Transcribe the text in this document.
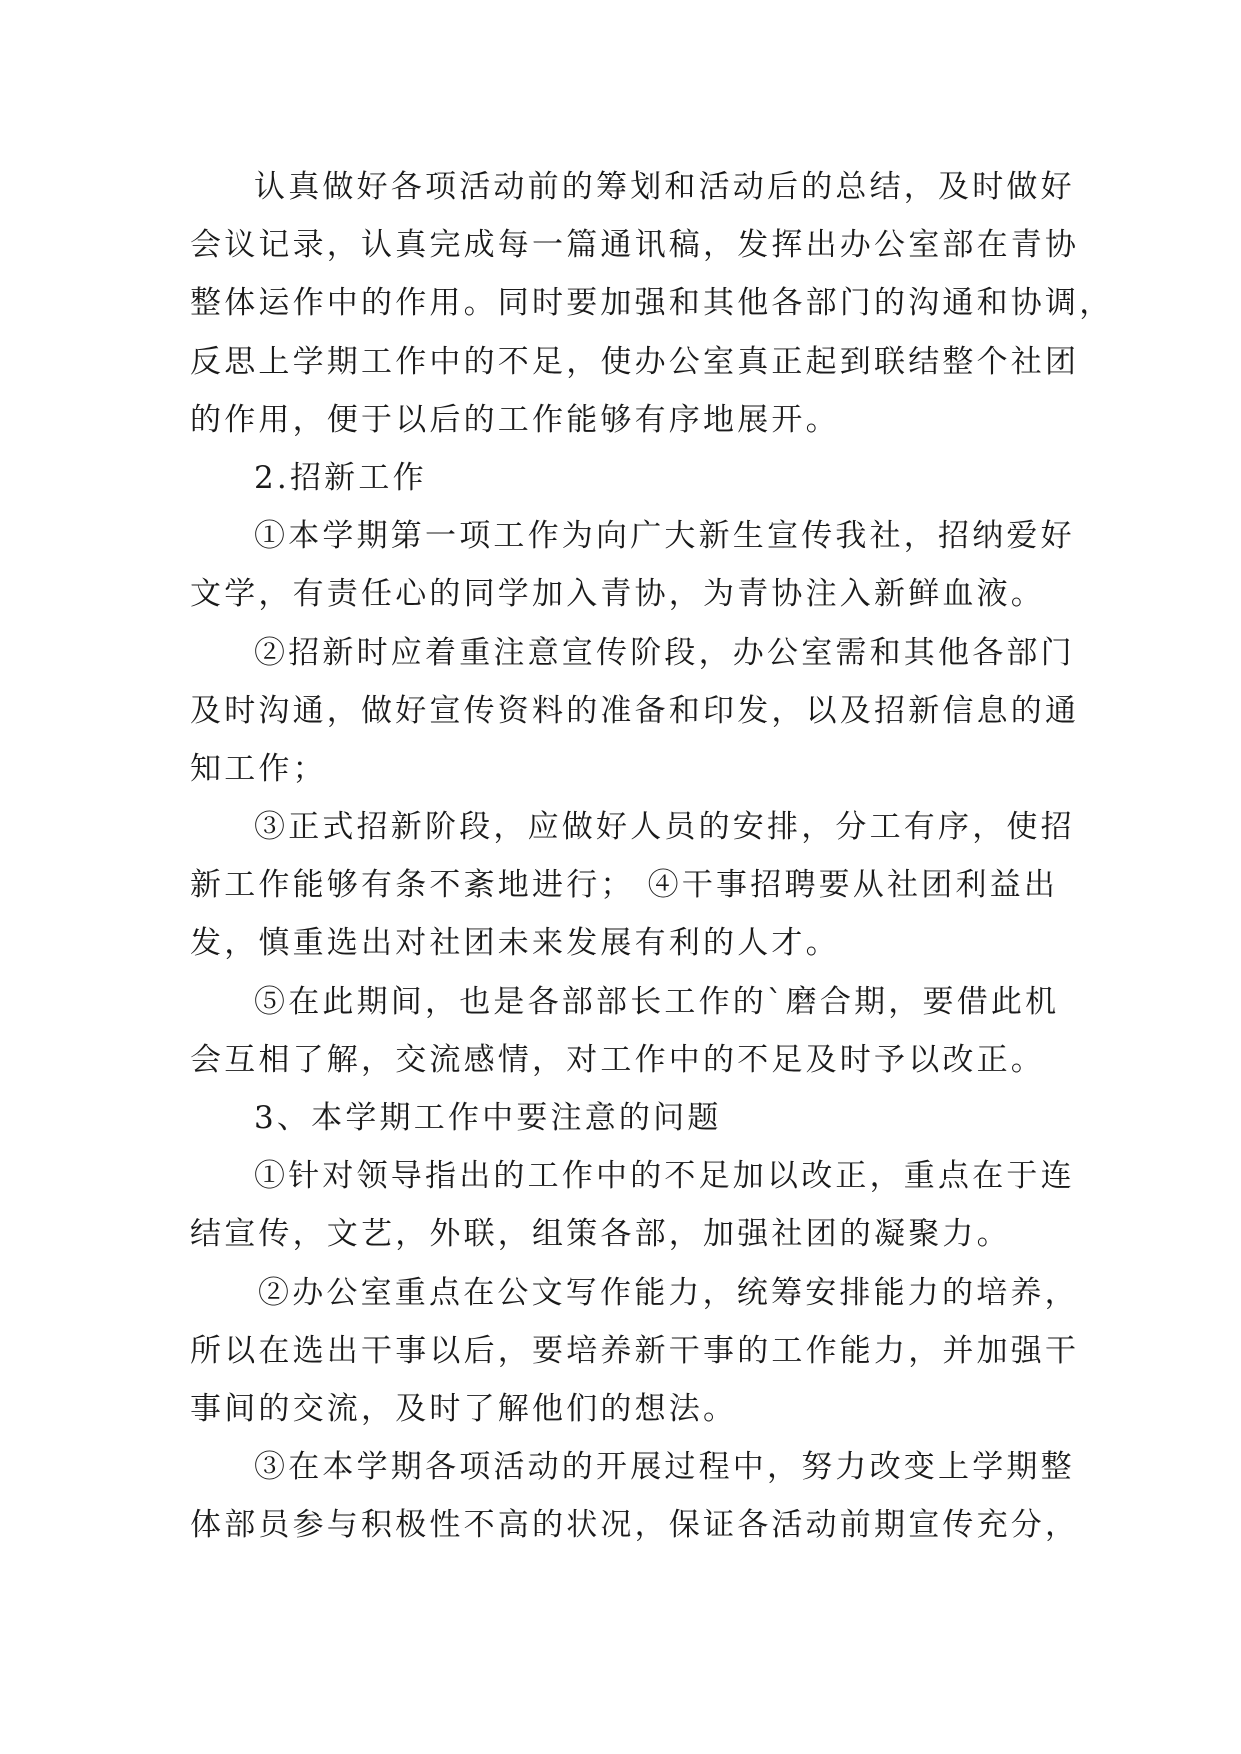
认真做好各项活动前的筹划和活动后的总结，及时做好
会议记录，认真完成每一篇通讯稿，发挥出办公室部在青协
整体运作中的作用。同时要加强和其他各部门的沟通和协调，
反思上学期工作中的不足，使办公室真正起到联结整个社团
的作用，便于以后的工作能够有序地展开。
2.招新工作
①本学期第一项工作为向广大新生宣传我社，招纳爱好
文学，有责任心的同学加入青协，为青协注入新鲜血液。
②招新时应着重注意宣传阶段，办公室需和其他各部门
及时沟通，做好宣传资料的准备和印发，以及招新信息的通
知工作；
③正式招新阶段，应做好人员的安排，分工有序，使招
新工作能够有条不紊地进行； ④干事招聘要从社团利益出
发，慎重选出对社团未来发展有利的人才。
⑤在此期间，也是各部部长工作的`磨合期，要借此机
会互相了解，交流感情，对工作中的不足及时予以改正。
3、本学期工作中要注意的问题
①针对领导指出的工作中的不足加以改正，重点在于连
结宣传，文艺，外联，组策各部，加强社团的凝聚力。
②办公室重点在公文写作能力，统筹安排能力的培养，
所以在选出干事以后，要培养新干事的工作能力，并加强干
事间的交流，及时了解他们的想法。
③在本学期各项活动的开展过程中，努力改变上学期整
体部员参与积极性不高的状况，保证各活动前期宣传充分，
